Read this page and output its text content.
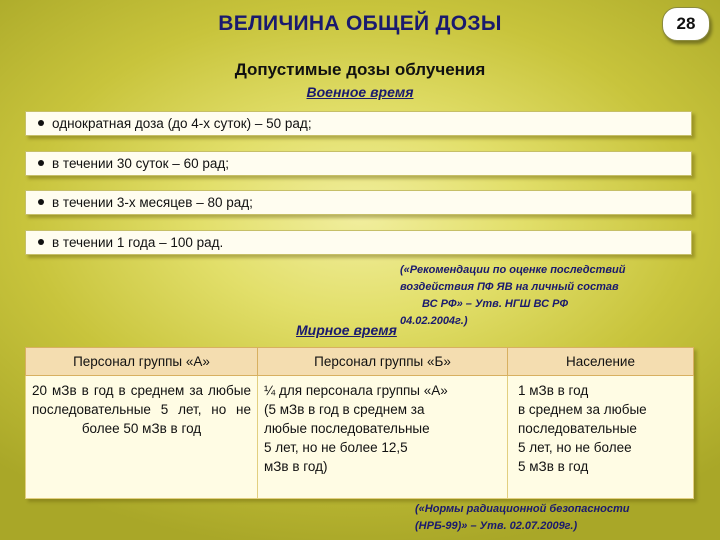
ВЕЛИЧИНА ОБЩЕЙ ДОЗЫ	28
Допустимые дозы облучения
Военное время
однократная доза (до 4-х суток) – 50 рад;
в течении 30 суток – 60 рад;
в течении 3-х месяцев – 80 рад;
в течении 1 года – 100 рад.
(«Рекомендации по оценке последствий
воздействия ПФ ЯВ на личный состав
ВС РФ» – Утв. НГШ ВС РФ
04.02.2004г.)
Мирное время
Персонал группы «А»	Персонал группы «Б»	Население
20 мЗв в год в среднем за любые последовательные 5 лет, но не более 50 мЗв в год	¼ для персонала группы «А»
(5 мЗв в год в среднем за
любые последовательные
5 лет, но не более 12,5
мЗв в год)	1 мЗв в год
в среднем за любые
последовательные
5 лет, но не более
5 мЗв в год
(«Нормы радиационной безопасности
(НРБ-99)» – Утв. 02.07.2009г.)
